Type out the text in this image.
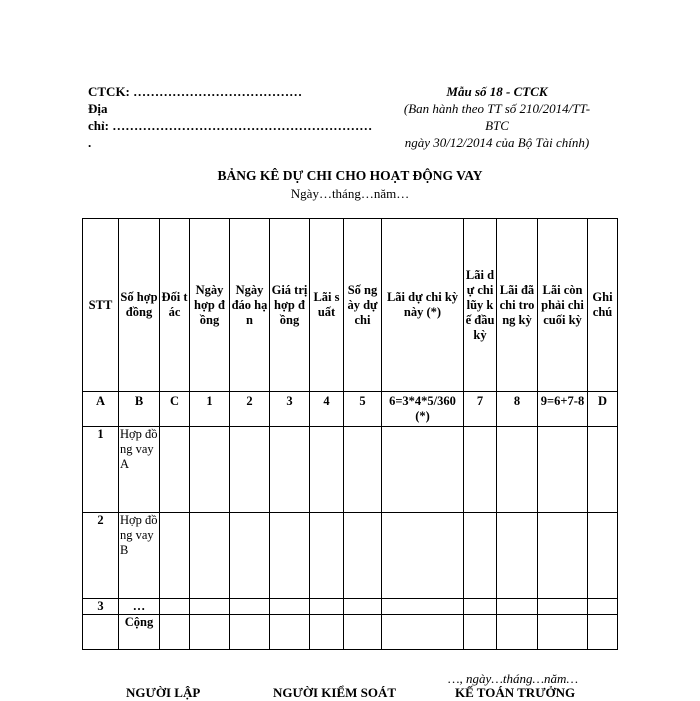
CTCK: …………………………………
Địa
chỉ: ……………………………………………………
.
Mẫu số 18 - CTCK
(Ban hành theo TT số 210/2014/TT-
BTC
ngày 30/12/2014 của Bộ Tài chính)
BẢNG KÊ DỰ CHI CHO HOẠT ĐỘNG VAY
Ngày…tháng…năm…
STT	Số hợp đồng	Đối tác	Ngày hợp đồng	Ngày đáo hạn	Giá trị hợp đồng	Lãi suất	Số ngày dự chi	Lãi dự chi kỳ này (*)	Lãi dự chi lũy kế đầu kỳ	Lãi đã chi trong kỳ	Lãi còn phải chi cuối kỳ	Ghi chú
A	B	C	1	2	3	4	5	6=3*4*5/360 (*)	7	8	9=6+7-8	D
1	Hợp đồng vay A											
2	Hợp đồng vay B											
3	…											
	Cộng											
…, ngày…tháng…năm…
NGƯỜI LẬP	NGƯỜI KIỂM SOÁT	KẾ TOÁN TRƯỞNG
